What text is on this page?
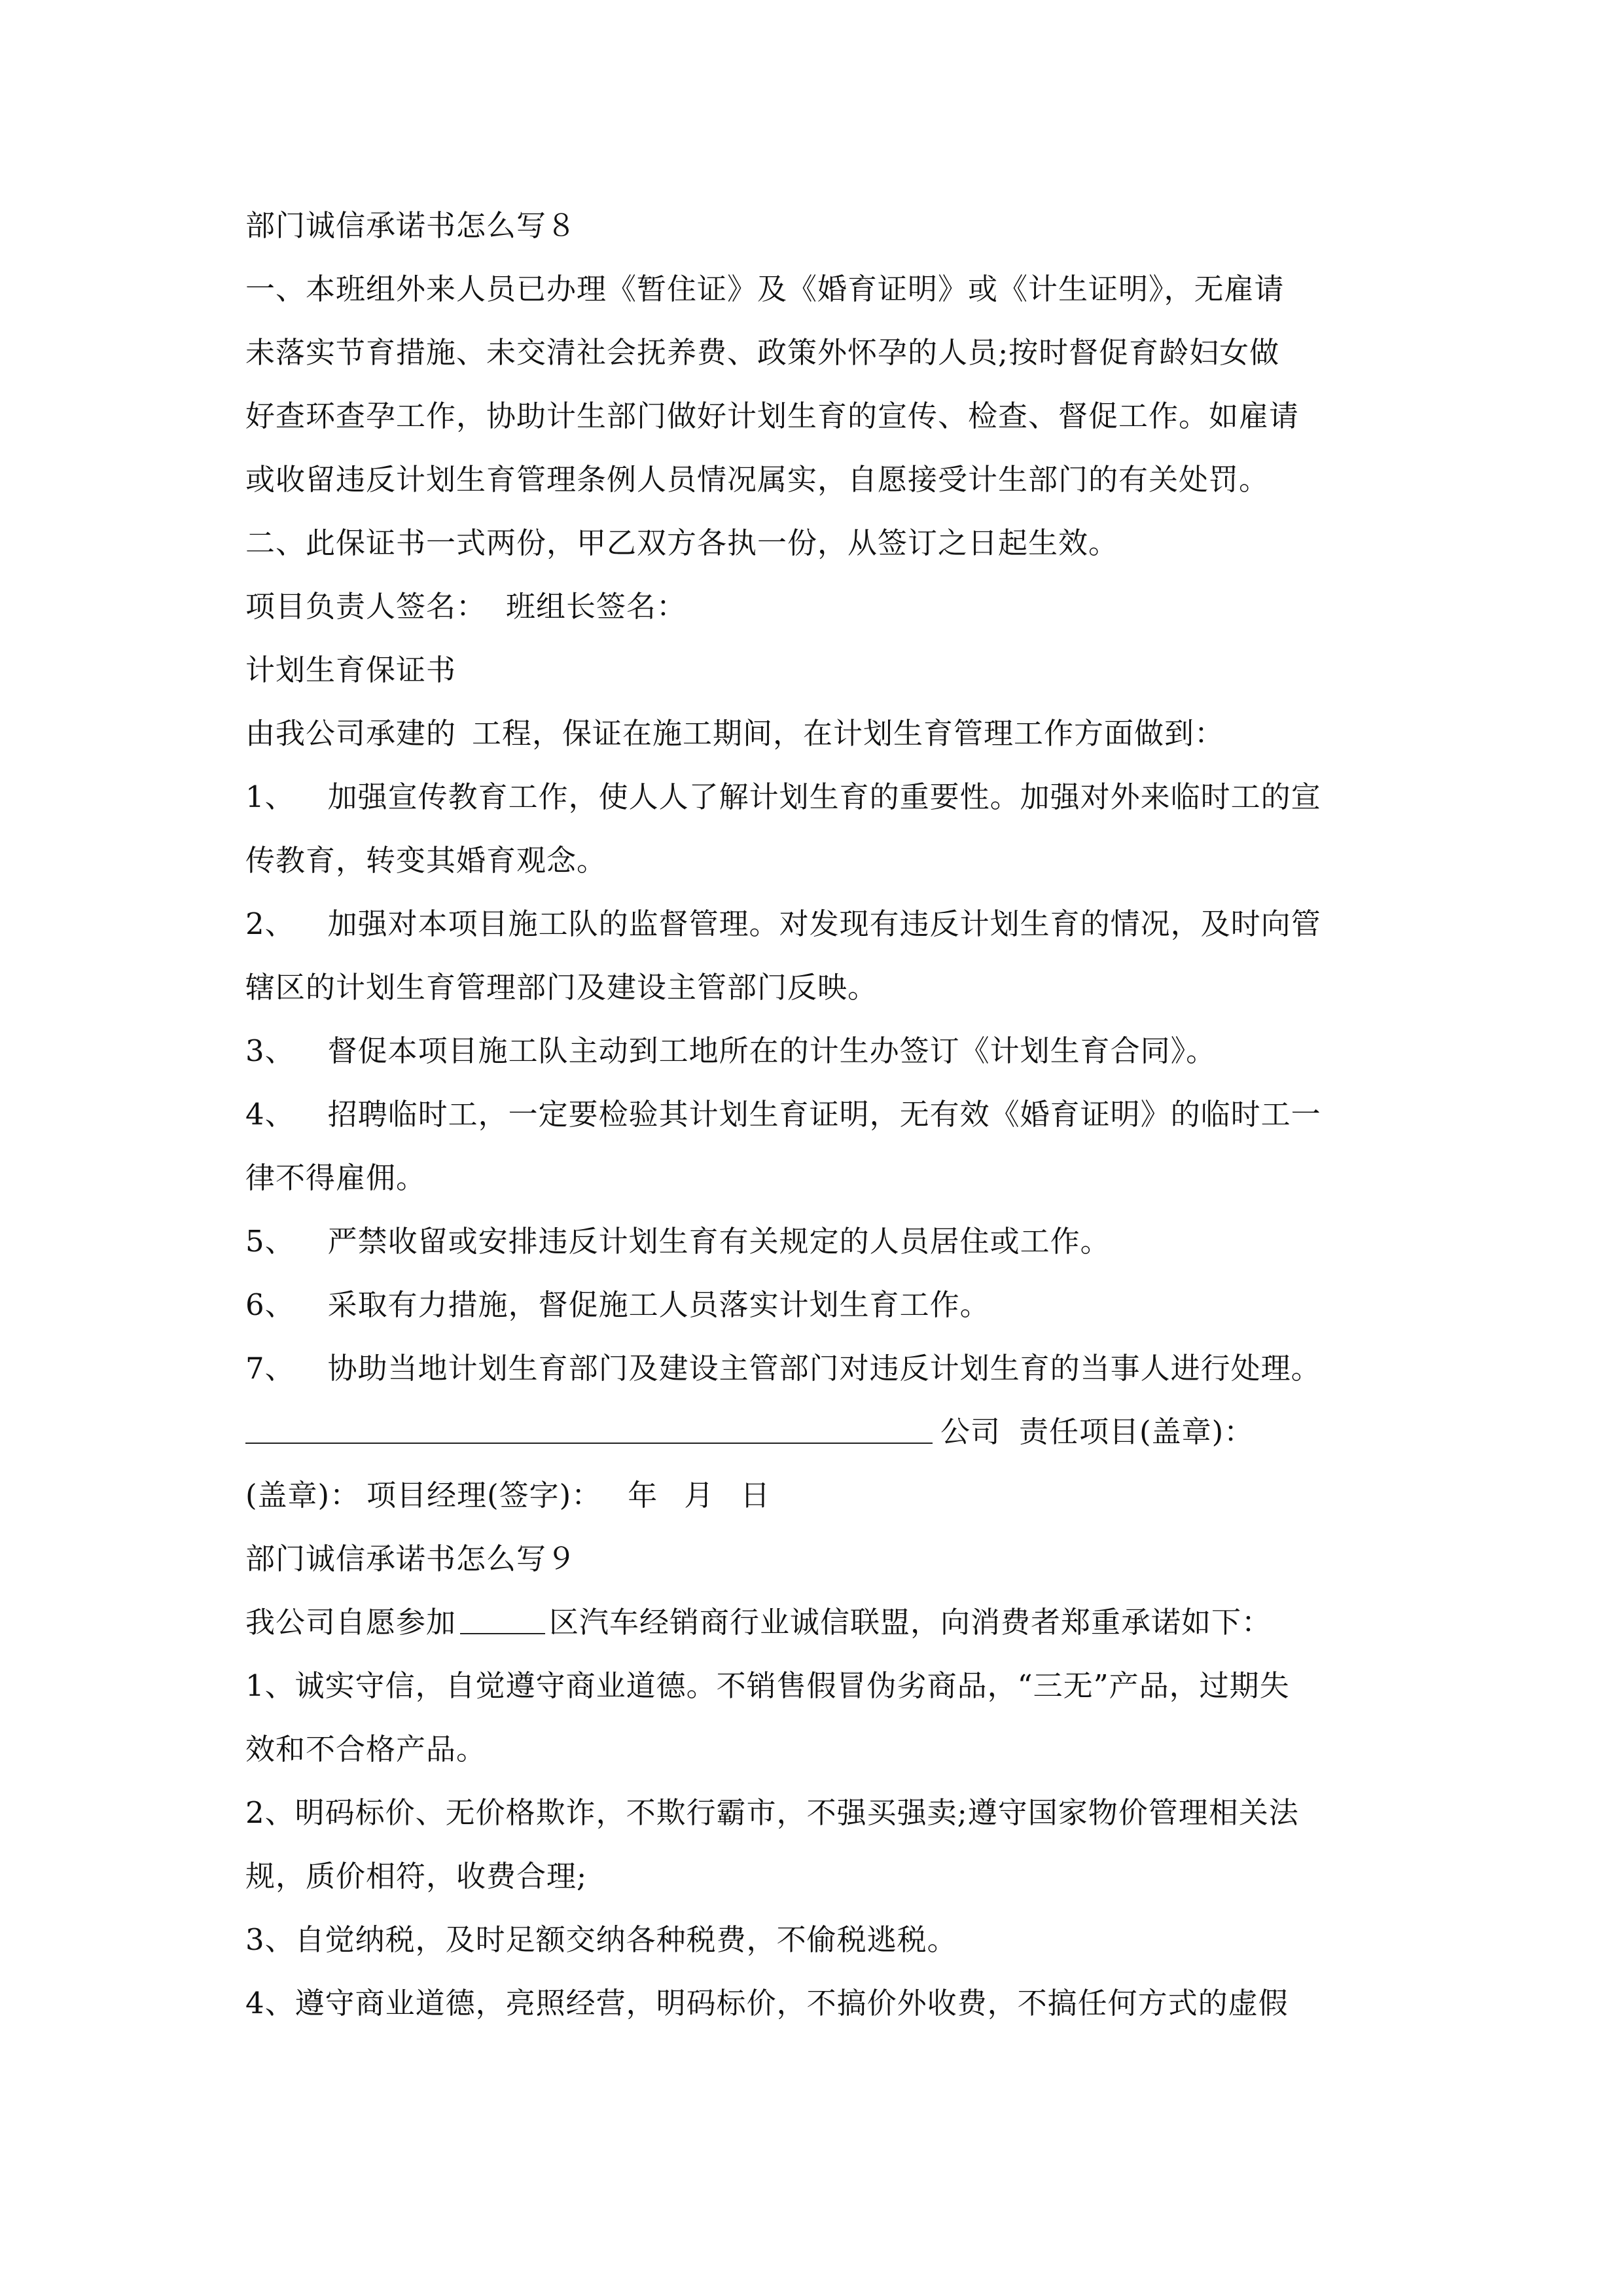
部门诚信承诺书怎么写８
一、本班组外来人员已办理《暂住证》及《婚育证明》或《计生证明》，无雇请
未落实节育措施、未交清社会抚养费、政策外怀孕的人员;按时督促育龄妇女做
好查环查孕工作，协助计生部门做好计划生育的宣传、检查、督促工作。如雇请
或收留违反计划生育管理条例人员情况属实，自愿接受计生部门的有关处罚。
二、此保证书一式两份，甲乙双方各执一份，从签订之日起生效。
项目负责人签名： 班组长签名：
计划生育保证书
由我公司承建的 工程，保证在施工期间，在计划生育管理工作方面做到：
1、 加强宣传教育工作，使人人了解计划生育的重要性。加强对外来临时工的宣
传教育，转变其婚育观念。
2、 加强对本项目施工队的监督管理。对发现有违反计划生育的情况，及时向管
辖区的计划生育管理部门及建设主管部门反映。
3、 督促本项目施工队主动到工地所在的计生办签订《计划生育合同》。
4、 招聘临时工，一定要检验其计划生育证明，无有效《婚育证明》的临时工一
律不得雇佣。
5、 严禁收留或安排违反计划生育有关规定的人员居住或工作。
6、 采取有力措施，督促施工人员落实计划生育工作。
7、 协助当地计划生育部门及建设主管部门对违反计划生育的当事人进行处理。
公司 责任项目(盖章)：
(盖章)： 项目经理(签字)： 年 月 日
部门诚信承诺书怎么写９
我公司自愿参加	区汽车经销商行业诚信联盟，向消费者郑重承诺如下：
1、诚实守信，自觉遵守商业道德。不销售假冒伪劣商品，“三无”产品，过期失
效和不合格产品。
2、明码标价、无价格欺诈，不欺行霸市，不强买强卖;遵守国家物价管理相关法
规，质价相符，收费合理;
3、自觉纳税，及时足额交纳各种税费，不偷税逃税。
4、遵守商业道德，亮照经营，明码标价，不搞价外收费，不搞任何方式的虚假
